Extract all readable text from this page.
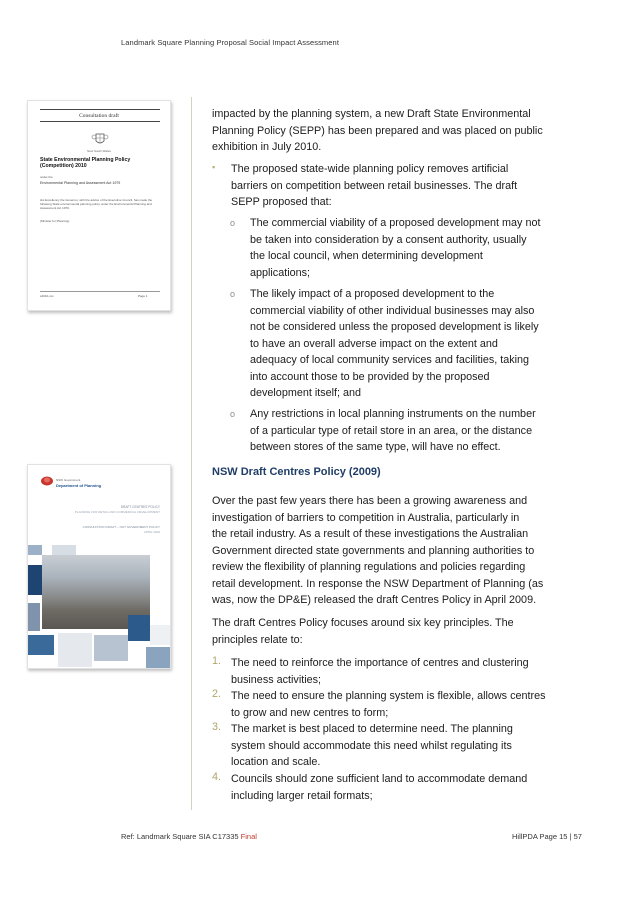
Landmark Square Planning Proposal Social Impact Assessment
Consultation draft
New South Wales
State Environmental Planning Policy (Competition) 2010
under the
Environmental Planning and Assessment Act 1979
His Excellency the Governor, with the advice of the Executive Council, has made the following State environmental planning policy under the Environmental Planning and Assessment Act 1979.
(Minister for Planning)
s2010-xxx	Page 1
NSW Government
Department of Planning
DRAFT CENTRES POLICY
PLANNING FOR RETAIL AND COMMERCIAL DEVELOPMENT
CONSULTATION DRAFT – NOT GOVERNMENT POLICY
APRIL 2009
impacted by the planning system, a new Draft State Environmental
Planning Policy (SEPP) has been prepared and was placed on public
exhibition in July 2010.
▪ The proposed state-wide planning policy removes artificial
barriers on competition between retail businesses. The draft
SEPP proposed that:
o The commercial viability of a proposed development may not
be taken into consideration by a consent authority, usually
the local council, when determining development
applications;
o The likely impact of a proposed development to the
commercial viability of other individual businesses may also
not be considered unless the proposed development is likely
to have an overall adverse impact on the extent and
adequacy of local community services and facilities, taking
into account those to be provided by the proposed
development itself; and
o Any restrictions in local planning instruments on the number
of a particular type of retail store in an area, or the distance
between stores of the same type, will have no effect.
NSW Draft Centres Policy (2009)
Over the past few years there has been a growing awareness and
investigation of barriers to competition in Australia, particularly in
the retail industry. As a result of these investigations the Australian
Government directed state governments and planning authorities to
review the flexibility of planning regulations and policies regarding
retail development. In response the NSW Department of Planning (as
was, now the DP&E) released the draft Centres Policy in April 2009.
The draft Centres Policy focuses around six key principles. The
principles relate to:
1. The need to reinforce the importance of centres and clustering
business activities;
2. The need to ensure the planning system is flexible, allows centres
to grow and new centres to form;
3. The market is best placed to determine need. The planning
system should accommodate this need whilst regulating its
location and scale.
4. Councils should zone sufficient land to accommodate demand
including larger retail formats;
Ref: Landmark Square SIA C17335 Final	HillPDA Page 15 | 57
